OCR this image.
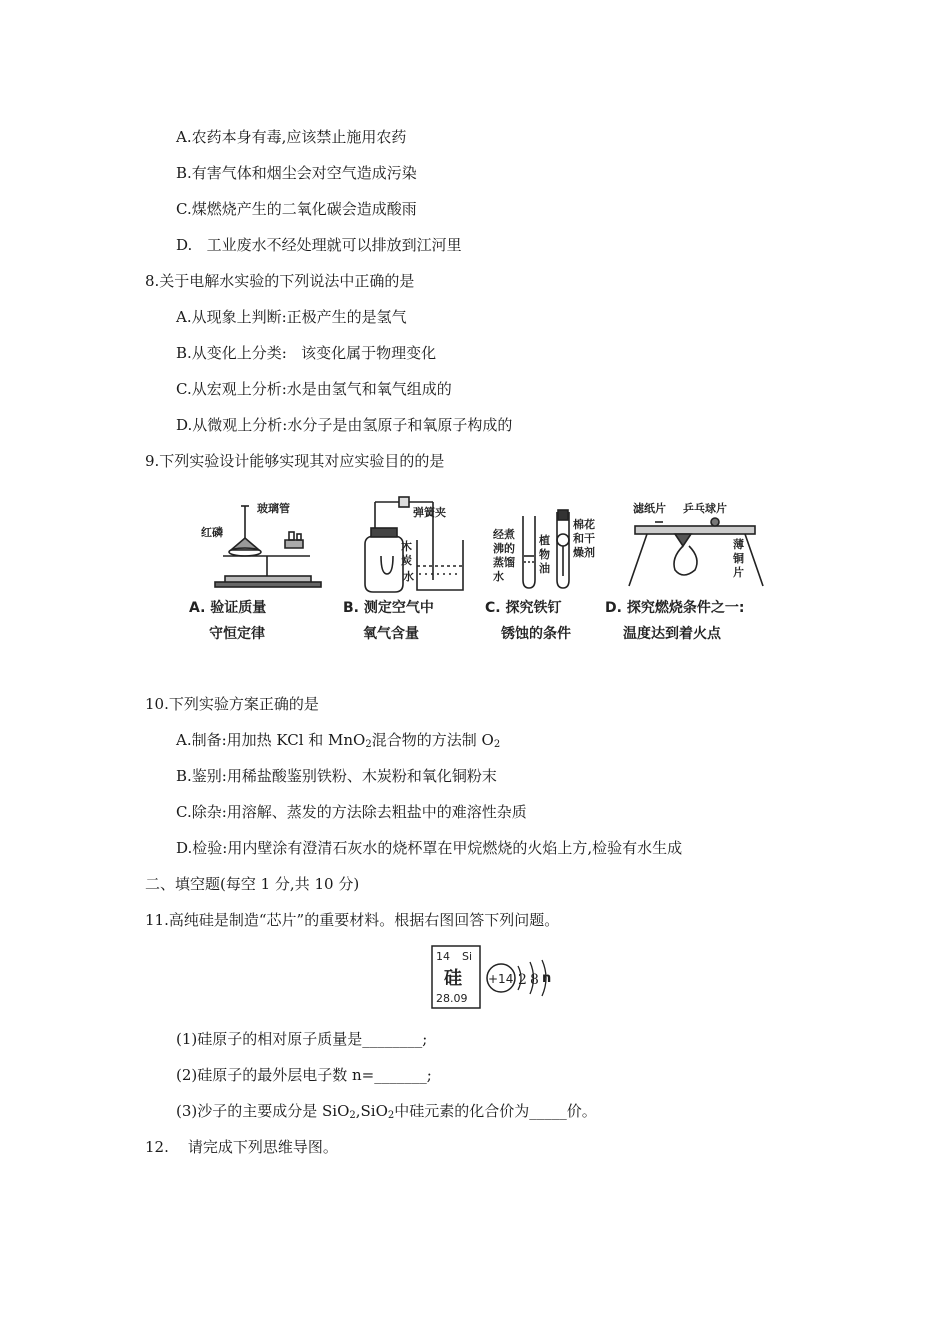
A.农药本身有毒,应该禁止施用农药
B.有害气体和烟尘会对空气造成污染
C.煤燃烧产生的二氧化碳会造成酸雨
D.   工业废水不经处理就可以排放到江河里
8.关于电解水实验的下列说法中正确的是
A.从现象上判断:正极产生的是氢气
B.从变化上分类:   该变化属于物理变化
C.从宏观上分析:水是由氢气和氧气组成的
D.从微观上分析:水分子是由氢原子和氧原子构成的
9.下列实验设计能够实现其对应实验目的的是
玻璃管
红磷
A. 验证质量
守恒定律
弹簧夹
木
炭
水
B. 测定空气中
氧气含量
经煮
沸的
蒸馏
水
植
物
油
棉花
和干
燥剂
C. 探究铁钉
锈蚀的条件
滤纸片 乒乓球片
薄
铜
片
D. 探究燃烧条件之一:
温度达到着火点
10.下列实验方案正确的是
A.制备:用加热 KCl 和 MnO$_2$混合物的方法制 $O_2$
B.鉴别:用稀盐酸鉴别铁粉、木炭粉和氧化铜粉末
C.除杂:用溶解、蒸发的方法除去粗盐中的难溶性杂质
D.检验:用内壁涂有澄清石灰水的烧杯罩在甲烷燃烧的火焰上方,检验有水生成
二、填空题(每空 1 分,共 10 分)
11.高纯硅是制造“芯片”的重要材料。根据右图回答下列问题。
14 Si
硅
28.09
+14 2 8 n
(1)硅原子的相对原子质量是________;
(2)硅原子的最外层电子数 n=_______;
(3)沙子的主要成分是 SiO$_2$,SiO$_2$中硅元素的化合价为_____价。
12.    请完成下列思维导图。
